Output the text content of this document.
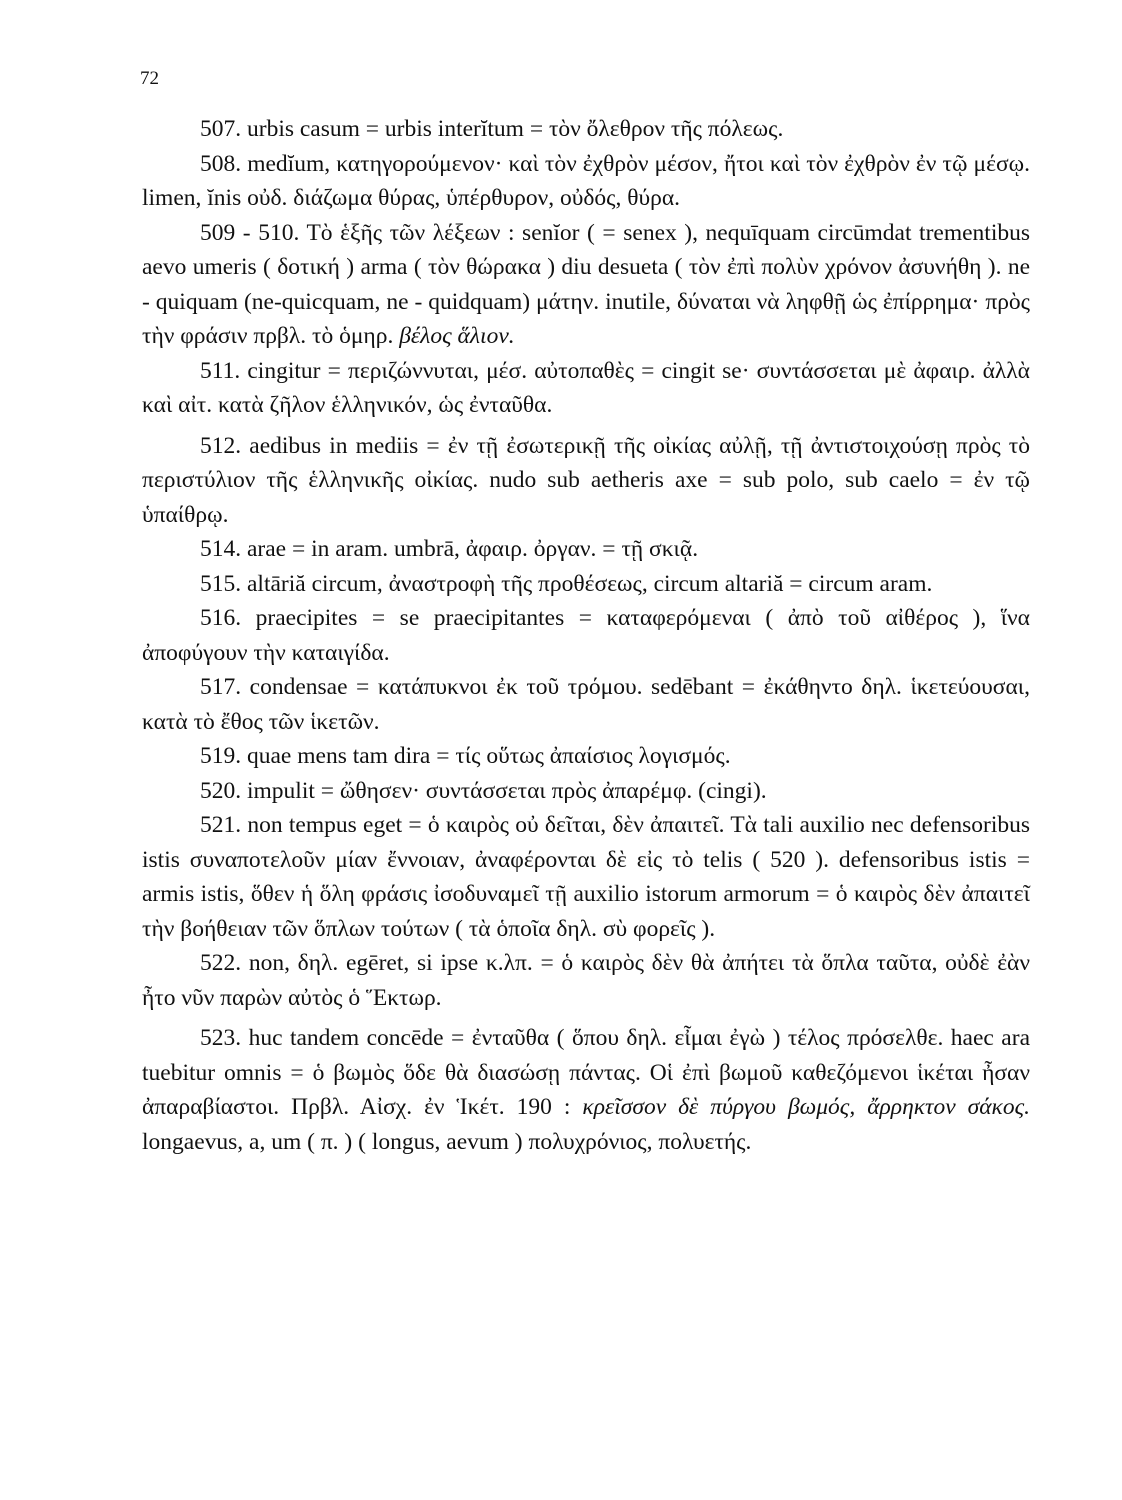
72

507. urbis casum = urbis interĭtum = τὸν ὄλεθρον τῆς πόλεως.

508. medĭum, κατηγορούμενον· καὶ τὸν ἐχθρὸν μέσον, ἤτοι καὶ τὸν ἐχθρὸν ἐν τῷ μέσῳ. limen, ĭnis οὐδ. διάζωμα θύρας, ὑπέρθυρον, οὐδός, θύρα.

509 - 510. Τὸ ἑξῆς τῶν λέξεων : senĭor ( = senex ), nequīquam circūmdat trementibus aevo umeris ( δοτική ) arma ( τὸν θώρακα ) diu desueta ( τὸν ἐπὶ πολὺν χρόνον ἀσυνήθη ). ne - quiquam (ne-quicquam, ne - quidquam) μάτην. inutile, δύναται νὰ ληφθῇ ὡς ἐπίρρημα· πρὸς τὴν φράσιν πρβλ. τὸ ὁμηρ. βέλος ἅλιον.

511. cingitur = περιζώννυται, μέσ. αὐτοπαθὲς = cingit se· συντάσσεται μὲ ἀφαιρ. ἀλλὰ καὶ αἰτ. κατὰ ζῆλον ἑλληνικόν, ὡς ἐνταῦθα.

512. aedibus in mediis = ἐν τῇ ἐσωτερικῇ τῆς οἰκίας αὐλῇ, τῇ ἀντιστοιχούσῃ πρὸς τὸ περιστύλιον τῆς ἑλληνικῆς οἰκίας. nudo sub aetheris axe = sub polo, sub caelo = ἐν τῷ ὑπαίθρῳ.

514. arae = in aram. umbrā, ἀφαιρ. ὀργαν. = τῇ σκιᾷ.

515. altāriă circum, ἀναστροφὴ τῆς προθέσεως, circum altariă = circum aram.

516. praecipites = se praecipitantes = καταφερόμεναι ( ἀπὸ τοῦ αἰθέρος ), ἵνα ἀποφύγουν τὴν καταιγίδα.

517. condensae = κατάπυκνοι ἐκ τοῦ τρόμου. sedēbant = ἐκάθηντο δηλ. ἱκετεύουσαι, κατὰ τὸ ἔθος τῶν ἱκετῶν.

519. quae mens tam dira = τίς οὕτως ἀπαίσιος λογισμός.

520. impulit = ὤθησεν· συντάσσεται πρὸς ἀπαρέμφ. (cingi).

521. non tempus eget = ὁ καιρὸς οὐ δεῖται, δὲν ἀπαιτεῖ. Τὰ tali auxilio nec defensoribus istis συναποτελοῦν μίαν ἔννοιαν, ἀναφέρονται δὲ εἰς τὸ telis ( 520 ). defensoribus istis = armis istis, ὅθεν ἡ ὅλη φράσις ἰσοδυναμεῖ τῇ auxilio istorum armorum = ὁ καιρὸς δὲν ἀπαιτεῖ τὴν βοήθειαν τῶν ὅπλων τούτων ( τὰ ὁποῖα δηλ. σὺ φορεῖς ).

522. non, δηλ. egēret, si ipse κ.λπ. = ὁ καιρὸς δὲν θὰ ἀπήτει τὰ ὅπλα ταῦτα, οὐδὲ ἐὰν ἦτο νῦν παρὼν αὐτὸς ὁ Ἕκτωρ.

523. huc tandem concēde = ἐνταῦθα ( ὅπου δηλ. εἶμαι ἐγὼ ) τέλος πρόσελθε. haec ara tuebitur omnis = ὁ βωμὸς ὅδε θὰ διασώσῃ πάντας. Οἱ ἐπὶ βωμοῦ καθεζόμενοι ἱκέται ἦσαν ἀπαραβίαστοι. Πρβλ. Αἰσχ. ἐν Ἱκέτ. 190 : κρεῖσσον δὲ πύργου βωμός, ἄρρηκτον σάκος. longaevus, a, um ( π. ) ( longus, aevum ) πολυχρόνιος, πολυετής.
